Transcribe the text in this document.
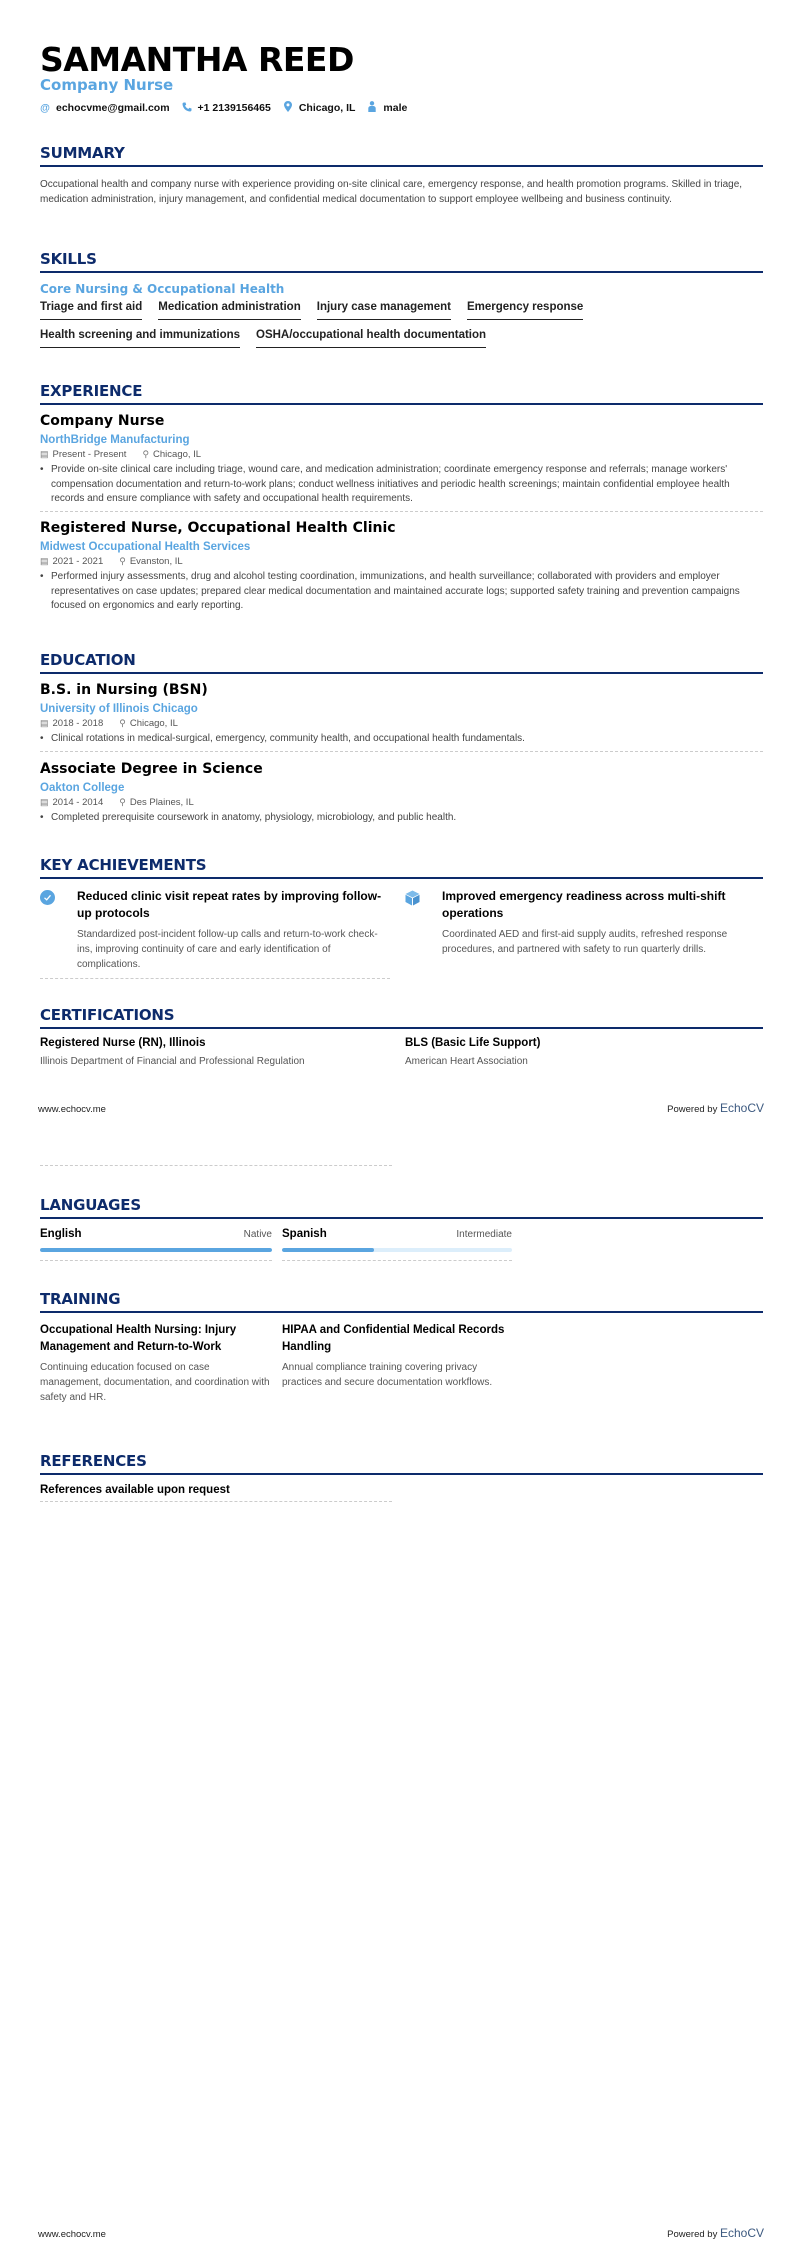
SAMANTHA REED
Company Nurse
@ echocvme@gmail.com	+1 2139156465	Chicago, IL	male
SUMMARY
Occupational health and company nurse with experience providing on-site clinical care, emergency response, and health promotion programs. Skilled in triage, medication administration, injury management, and confidential medical documentation to support employee wellbeing and business continuity.
SKILLS
Core Nursing & Occupational Health
Triage and first aid Medication administration Injury case management Emergency response
Health screening and immunizations OSHA/occupational health documentation
EXPERIENCE
Company Nurse
NorthBridge Manufacturing
▤ Present - Present ⚲ Chicago, IL
• Provide on-site clinical care including triage, wound care, and medication administration; coordinate emergency response and referrals; manage workers' compensation documentation and return-to-work plans; conduct wellness initiatives and periodic health screenings; maintain confidential employee health records and ensure compliance with safety and occupational health requirements.
Registered Nurse, Occupational Health Clinic
Midwest Occupational Health Services
▤ 2021 - 2021 ⚲ Evanston, IL
• Performed injury assessments, drug and alcohol testing coordination, immunizations, and health surveillance; collaborated with providers and employer representatives on case updates; prepared clear medical documentation and maintained accurate logs; supported safety training and prevention campaigns focused on ergonomics and early reporting.
EDUCATION
B.S. in Nursing (BSN)
University of Illinois Chicago
▤ 2018 - 2018 ⚲ Chicago, IL
• Clinical rotations in medical-surgical, emergency, community health, and occupational health fundamentals.
Associate Degree in Science
Oakton College
▤ 2014 - 2014 ⚲ Des Plaines, IL
• Completed prerequisite coursework in anatomy, physiology, microbiology, and public health.
KEY ACHIEVEMENTS
Reduced clinic visit repeat rates by improving follow-up protocols
Standardized post-incident follow-up calls and return-to-work check-ins, improving continuity of care and early identification of complications.
Improved emergency readiness across multi-shift operations
Coordinated AED and first-aid supply audits, refreshed response procedures, and partnered with safety to run quarterly drills.
CERTIFICATIONS
Registered Nurse (RN), Illinois
Illinois Department of Financial and Professional Regulation
BLS (Basic Life Support)
American Heart Association
www.echocv.me	Powered by EchoCV
LANGUAGES
English	Native Spanish	Intermediate
TRAINING
Occupational Health Nursing: Injury Management and Return-to-Work
Continuing education focused on case management, documentation, and coordination with safety and HR.
HIPAA and Confidential Medical Records Handling
Annual compliance training covering privacy practices and secure documentation workflows.
REFERENCES
References available upon request
www.echocv.me	Powered by EchoCV
